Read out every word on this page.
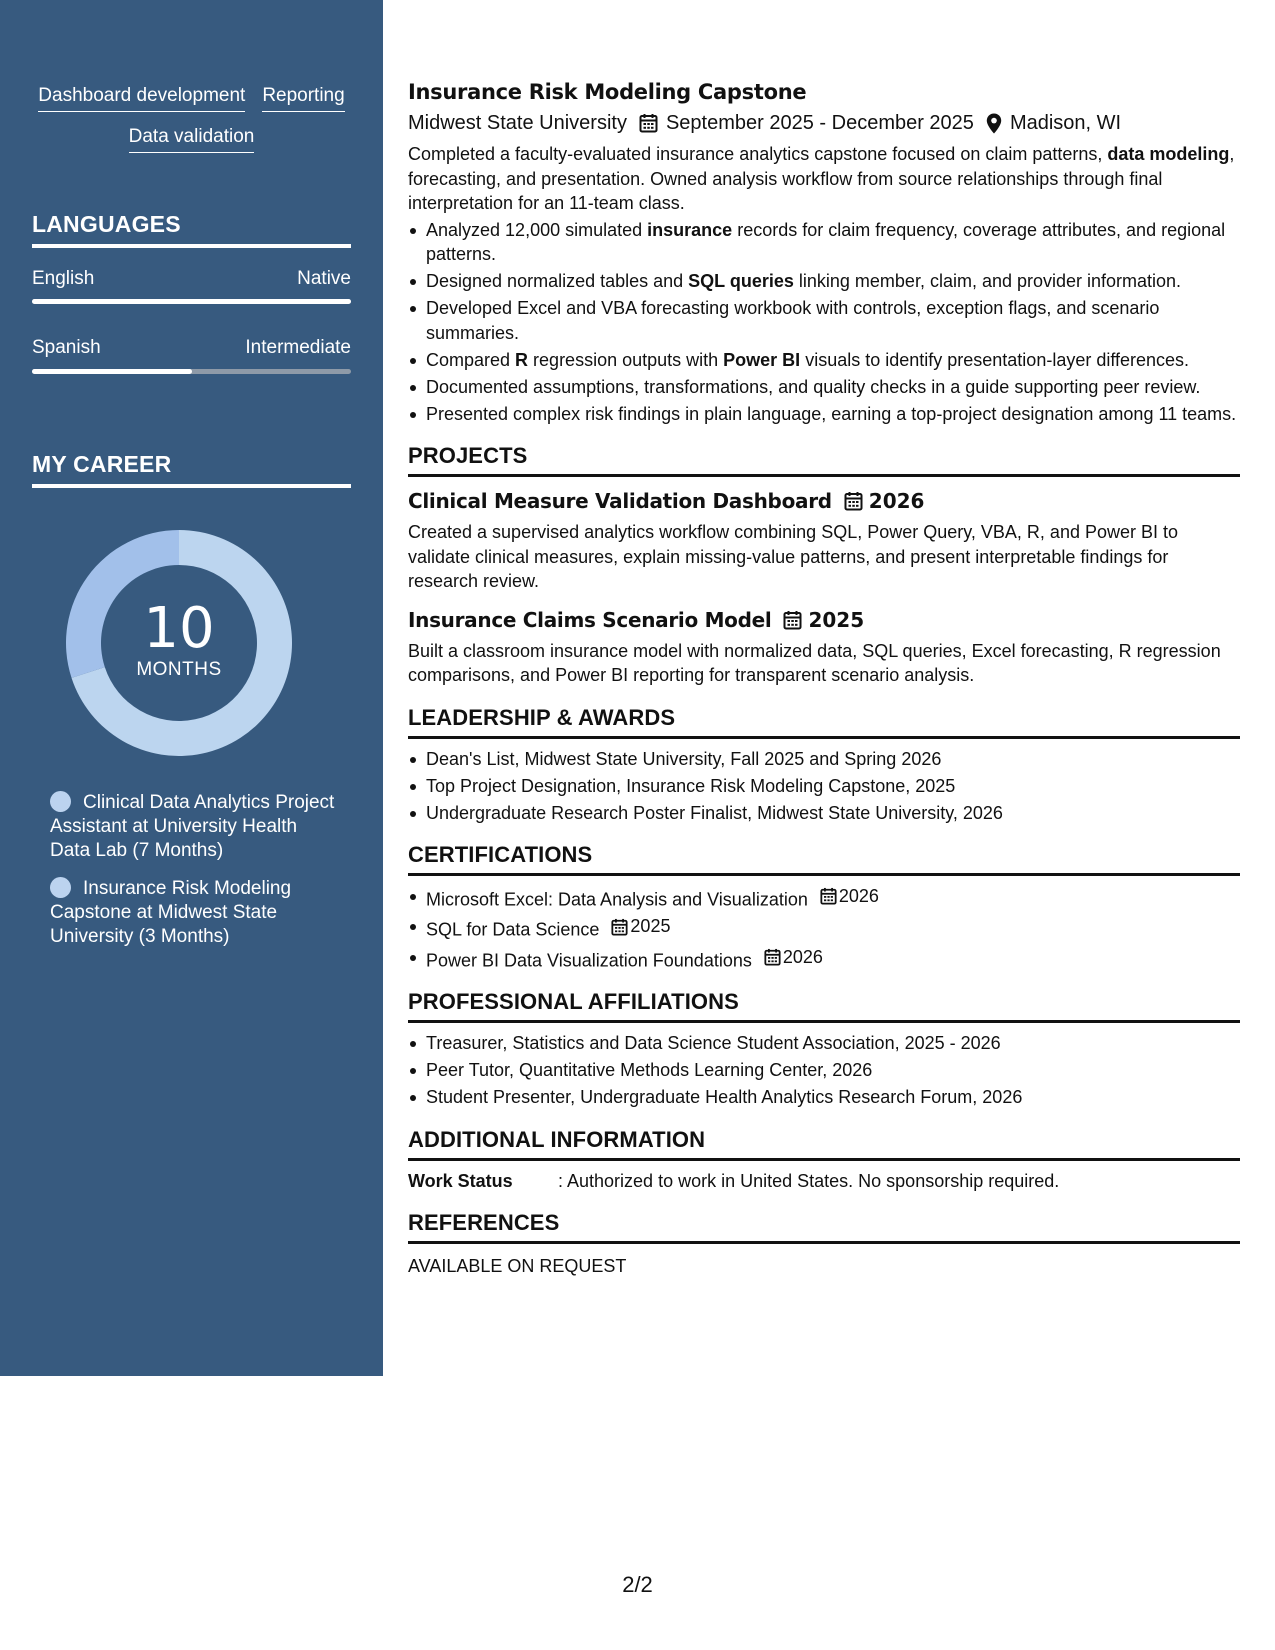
Dashboard development Reporting
Data validation
LANGUAGES
English	Native
Spanish	Intermediate
MY CAREER
10
MONTHS
Clinical Data Analytics Project Assistant at University Health Data Lab (7 Months)
Insurance Risk Modeling Capstone at Midwest State University (3 Months)
Insurance Risk Modeling Capstone
Midwest State University September 2025 - December 2025 Madison, WI

Completed a faculty-evaluated insurance analytics capstone focused on claim patterns, data modeling, forecasting, and presentation. Owned analysis workflow from source relationships through final interpretation for an 11-team class.

Analyzed 12,000 simulated insurance records for claim frequency, coverage attributes, and regional patterns.
Designed normalized tables and SQL queries linking member, claim, and provider information.
Developed Excel and VBA forecasting workbook with controls, exception flags, and scenario summaries.
Compared R regression outputs with Power BI visuals to identify presentation-layer differences.
Documented assumptions, transformations, and quality checks in a guide supporting peer review.
Presented complex risk findings in plain language, earning a top-project designation among 11 teams.
PROJECTS
Clinical Measure Validation Dashboard 2026

Created a supervised analytics workflow combining SQL, Power Query, VBA, R, and Power BI to validate clinical measures, explain missing-value patterns, and present interpretable findings for research review.

Insurance Claims Scenario Model 2025

Built a classroom insurance model with normalized data, SQL queries, Excel forecasting, R regression comparisons, and Power BI reporting for transparent scenario analysis.

LEADERSHIP & AWARDS
Dean's List, Midwest State University, Fall 2025 and Spring 2026
Top Project Designation, Insurance Risk Modeling Capstone, 2025
Undergraduate Research Poster Finalist, Midwest State University, 2026
CERTIFICATIONS
Microsoft Excel: Data Analysis and Visualization 2026
SQL for Data Science 2025
Power BI Data Visualization Foundations 2026
PROFESSIONAL AFFILIATIONS
Treasurer, Statistics and Data Science Student Association, 2025 - 2026
Peer Tutor, Quantitative Methods Learning Center, 2026
Student Presenter, Undergraduate Health Analytics Research Forum, 2026
ADDITIONAL INFORMATION
Work Status	: Authorized to work in United States. No sponsorship required.
REFERENCES
AVAILABLE ON REQUEST
2/2
